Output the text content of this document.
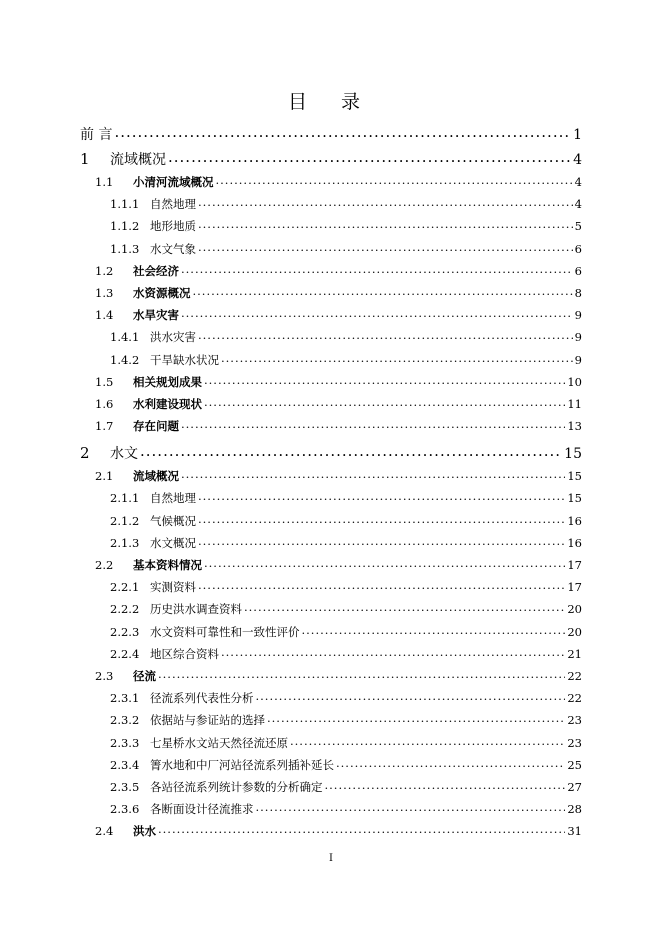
目 录
前 言 .....	1
1	流域概况 .....	4
1.1	小清河流域概况 .....	4
1.1.1 自然地理 .....	4
1.1.2 地形地质 .....	5
1.1.3 水文气象 .....	6
1.2	社会经济 .....	6
1.3	水资源概况 .....	8
1.4	水旱灾害 .....	9
1.4.1 洪水灾害 .....	9
1.4.2 干旱缺水状况 .....	9
1.5	相关规划成果 .....	10
1.6	水利建设现状 .....	11
1.7	存在问题 .....	13
2	水文 .....	15
2.1	流域概况 .....	15
2.1.1 自然地理 .....	15
2.1.2 气候概况 .....	16
2.1.3 水文概况 .....	16
2.2	基本资料情况 .....	17
2.2.1 实测资料 .....	17
2.2.2 历史洪水调查资料 .....	20
2.2.3 水文资料可靠性和一致性评价 .....	20
2.2.4 地区综合资料 .....	21
2.3	径流 .....	22
2.3.1 径流系列代表性分析 .....	22
2.3.2 依据站与参证站的选择 .....	23
2.3.3 七星桥水文站天然径流还原 .....	23
2.3.4 箐水地和中厂河站径流系列插补延长 .....	25
2.3.5 各站径流系列统计参数的分析确定 .....	27
2.3.6 各断面设计径流推求 .....	28
2.4	洪水 .....	31
I
